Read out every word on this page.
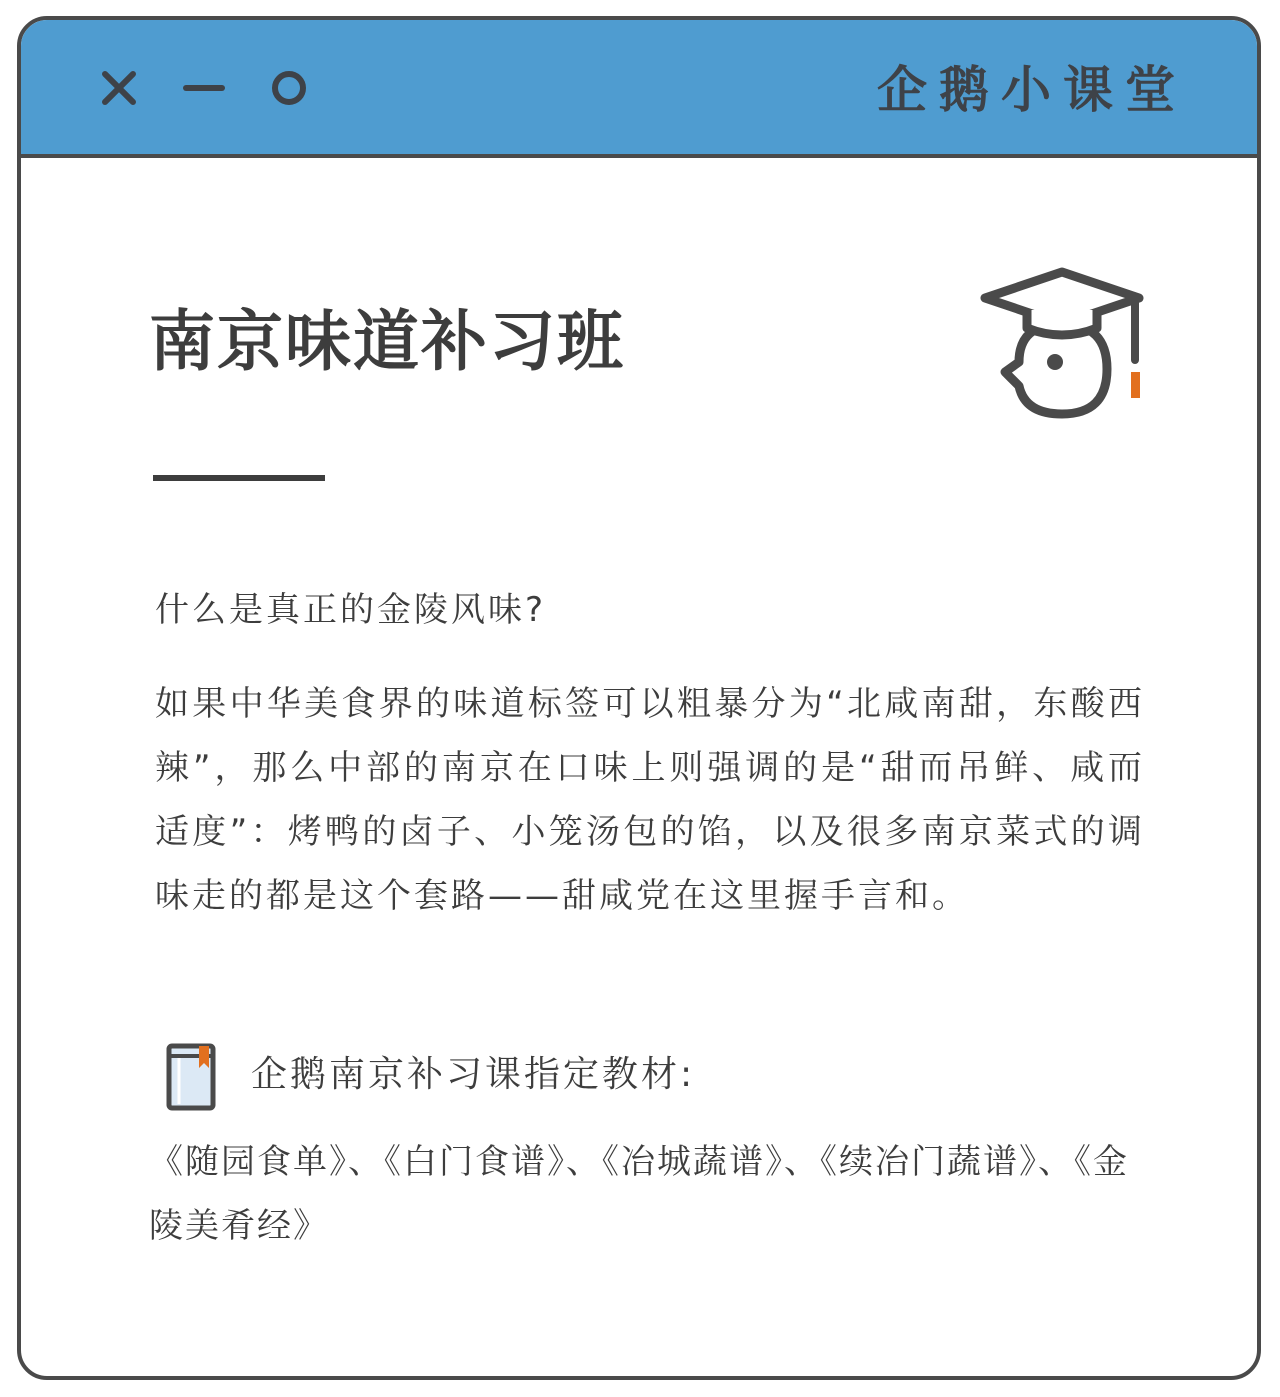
企鹅小课堂
南京味道补习班
什么是真正的金陵风味?

如果中华美食界的味道标签可以粗暴分为“北咸南甜，东酸西辣”，那么中部的南京在口味上则强调的是“甜而吊鲜、咸而适度”：烤鸭的卤子、小笼汤包的馅，以及很多南京菜式的调味走的都是这个套路——甜咸党在这里握手言和。

企鹅南京补习课指定教材:

《随园食单》、《白门食谱》、《冶城蔬谱》、《续冶门蔬谱》、《金陵美肴经》
